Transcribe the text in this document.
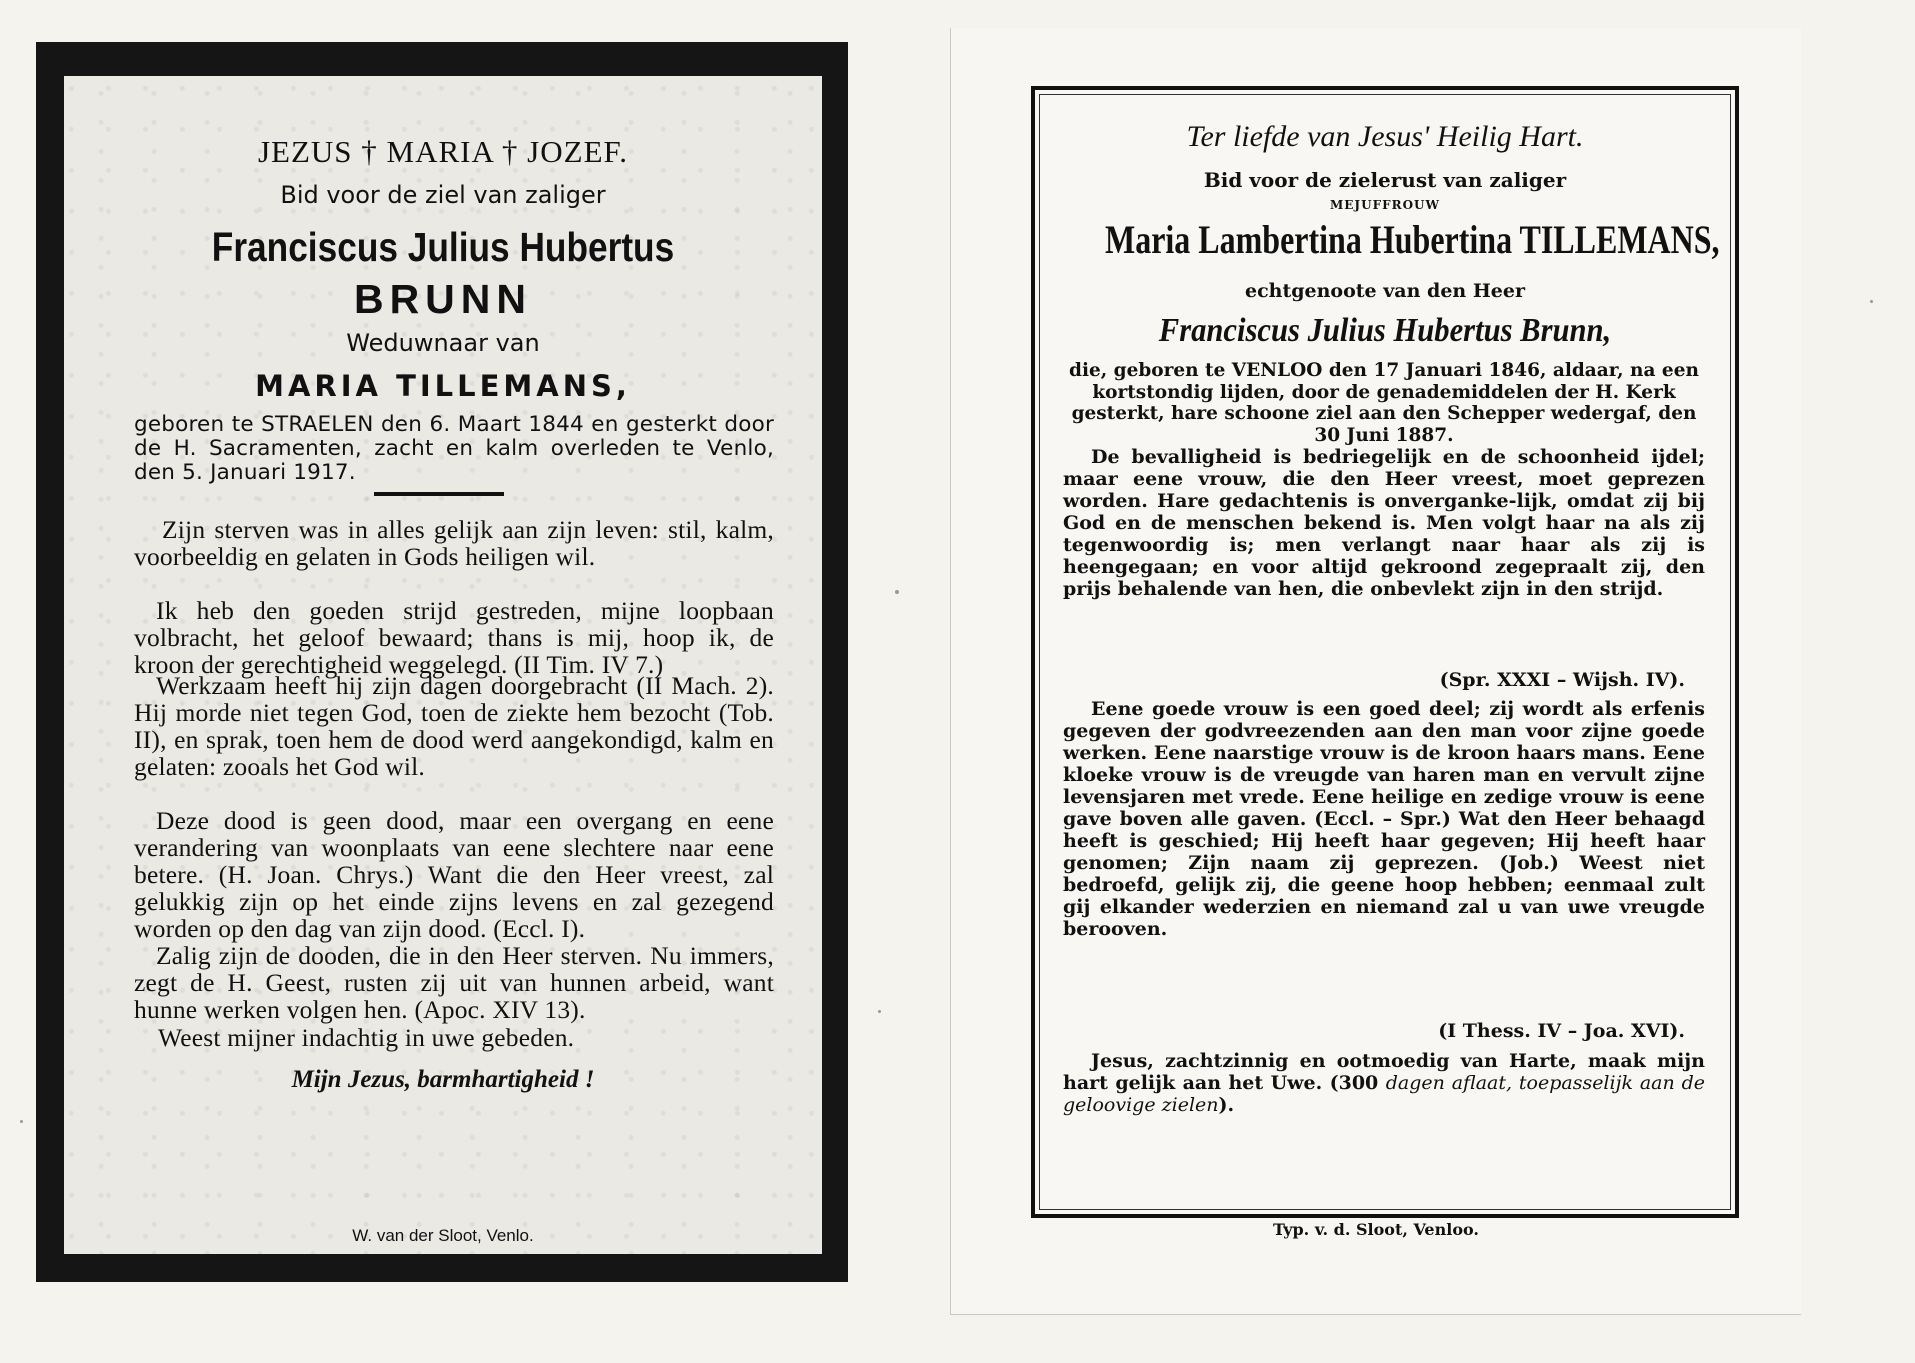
JEZUS † MARIA † JOZEF.
Bid voor de ziel van zaliger
Franciscus Julius Hubertus
BRUNN
Weduwnaar van
MARIA TILLEMANS,
geboren te STRAELEN den 6. Maart 1844 en gesterkt door de H. Sacramenten, zacht en kalm overleden te Venlo, den 5. Januari 1917.
Zijn sterven was in alles gelijk aan zijn leven: stil, kalm, voorbeeldig en gelaten in Gods heiligen wil.
Ik heb den goeden strijd gestreden, mijne loopbaan volbracht, het geloof bewaard; thans is mij, hoop ik, de kroon der gerechtigheid weggelegd. (II Tim. IV 7.)
Werkzaam heeft hij zijn dagen doorgebracht (II Mach. 2). Hij morde niet tegen God, toen de ziekte hem bezocht (Tob. II), en sprak, toen hem de dood werd aangekondigd, kalm en gelaten: zooals het God wil.
Deze dood is geen dood, maar een overgang en eene verandering van woonplaats van eene slechtere naar eene betere. (H. Joan. Chrys.) Want die den Heer vreest, zal gelukkig zijn op het einde zijns levens en zal gezegend worden op den dag van zijn dood. (Eccl. I).
Zalig zijn de dooden, die in den Heer sterven. Nu immers, zegt de H. Geest, rusten zij uit van hunnen arbeid, want hunne werken volgen hen. (Apoc. XIV 13).
Weest mijner indachtig in uwe gebeden.
Mijn Jezus, barmhartigheid !
W. van der Sloot, Venlo.
Ter liefde van Jesus' Heilig Hart.
Bid voor de zielerust van zaliger
MEJUFFROUW
Maria Lambertina Hubertina TILLEMANS,
echtgenoote van den Heer
Franciscus Julius Hubertus Brunn,
die, geboren te VENLOO den 17 Januari 1846, aldaar, na een kortstondig lijden, door de genademiddelen der H. Kerk gesterkt, hare schoone ziel aan den Schepper wedergaf, den 30 Juni 1887.
De bevalligheid is bedriegelijk en de schoonheid ijdel; maar eene vrouw, die den Heer vreest, moet geprezen worden. Hare gedachtenis is onverganke-lijk, omdat zij bij God en de menschen bekend is. Men volgt haar na als zij tegenwoordig is; men verlangt naar haar als zij is heengegaan; en voor altijd gekroond zegepraalt zij, den prijs behalende van hen, die onbevlekt zijn in den strijd.
(Spr. XXXI – Wijsh. IV).
Eene goede vrouw is een goed deel; zij wordt als erfenis gegeven der godvreezenden aan den man voor zijne goede werken. Eene naarstige vrouw is de kroon haars mans. Eene kloeke vrouw is de vreugde van haren man en vervult zijne levensjaren met vrede. Eene heilige en zedige vrouw is eene gave boven alle gaven. (Eccl. – Spr.) Wat den Heer behaagd heeft is geschied; Hij heeft haar gegeven; Hij heeft haar genomen; Zijn naam zij geprezen. (Job.) Weest niet bedroefd, gelijk zij, die geene hoop hebben; eenmaal zult gij elkander wederzien en niemand zal u van uwe vreugde berooven.
(I Thess. IV – Joa. XVI).
Jesus, zachtzinnig en ootmoedig van Harte, maak mijn hart gelijk aan het Uwe. (300 dagen aflaat, toepasselijk aan de geloovige zielen).
Typ. v. d. Sloot, Venloo.
